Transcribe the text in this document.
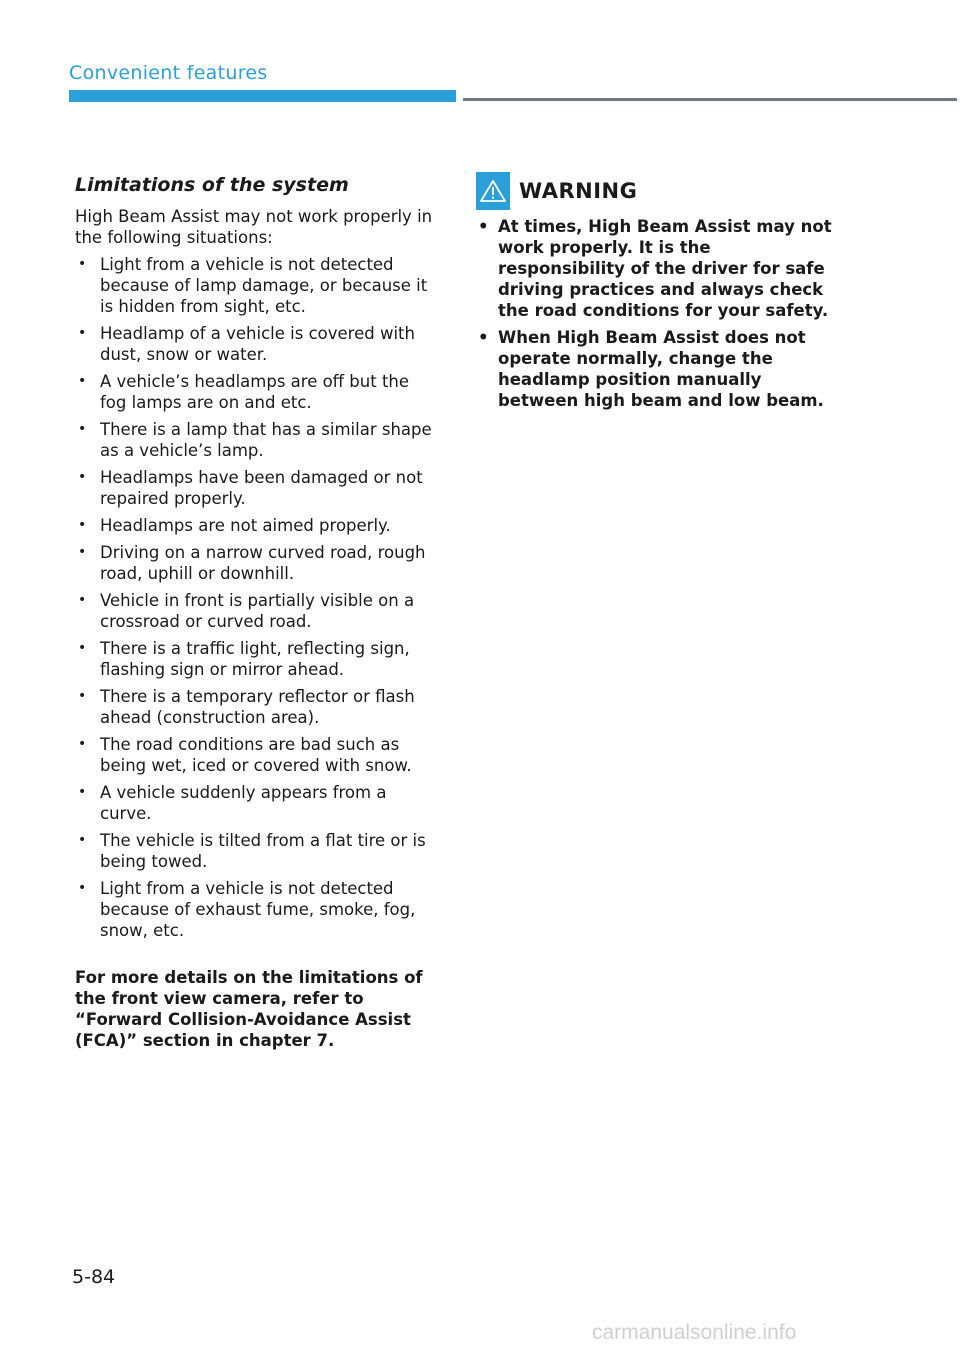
Convenient features
Limitations of the system

High Beam Assist may not work properly in the following situations:

• Light from a vehicle is not detected because of lamp damage, or because it is hidden from sight, etc.
• Headlamp of a vehicle is covered with dust, snow or water.
• A vehicle’s headlamps are off but the fog lamps are on and etc.
• There is a lamp that has a similar shape as a vehicle’s lamp.
• Headlamps have been damaged or not repaired properly.
• Headlamps are not aimed properly.
• Driving on a narrow curved road, rough road, uphill or downhill.
• Vehicle in front is partially visible on a crossroad or curved road.
• There is a traffic light, reflecting sign, flashing sign or mirror ahead.
• There is a temporary reflector or flash ahead (construction area).
• The road conditions are bad such as being wet, iced or covered with snow.
• A vehicle suddenly appears from a curve.
• The vehicle is tilted from a flat tire or is being towed.
• Light from a vehicle is not detected because of exhaust fume, smoke, fog, snow, etc.

For more details on the limitations of the front view camera, refer to “Forward Collision-Avoidance Assist (FCA)” section in chapter 7.

WARNING
• At times, High Beam Assist may not work properly. It is the responsibility of the driver for safe driving practices and always check the road conditions for your safety.
• When High Beam Assist does not operate normally, change the headlamp position manually between high beam and low beam.
5-84
carmanualsonline.info
